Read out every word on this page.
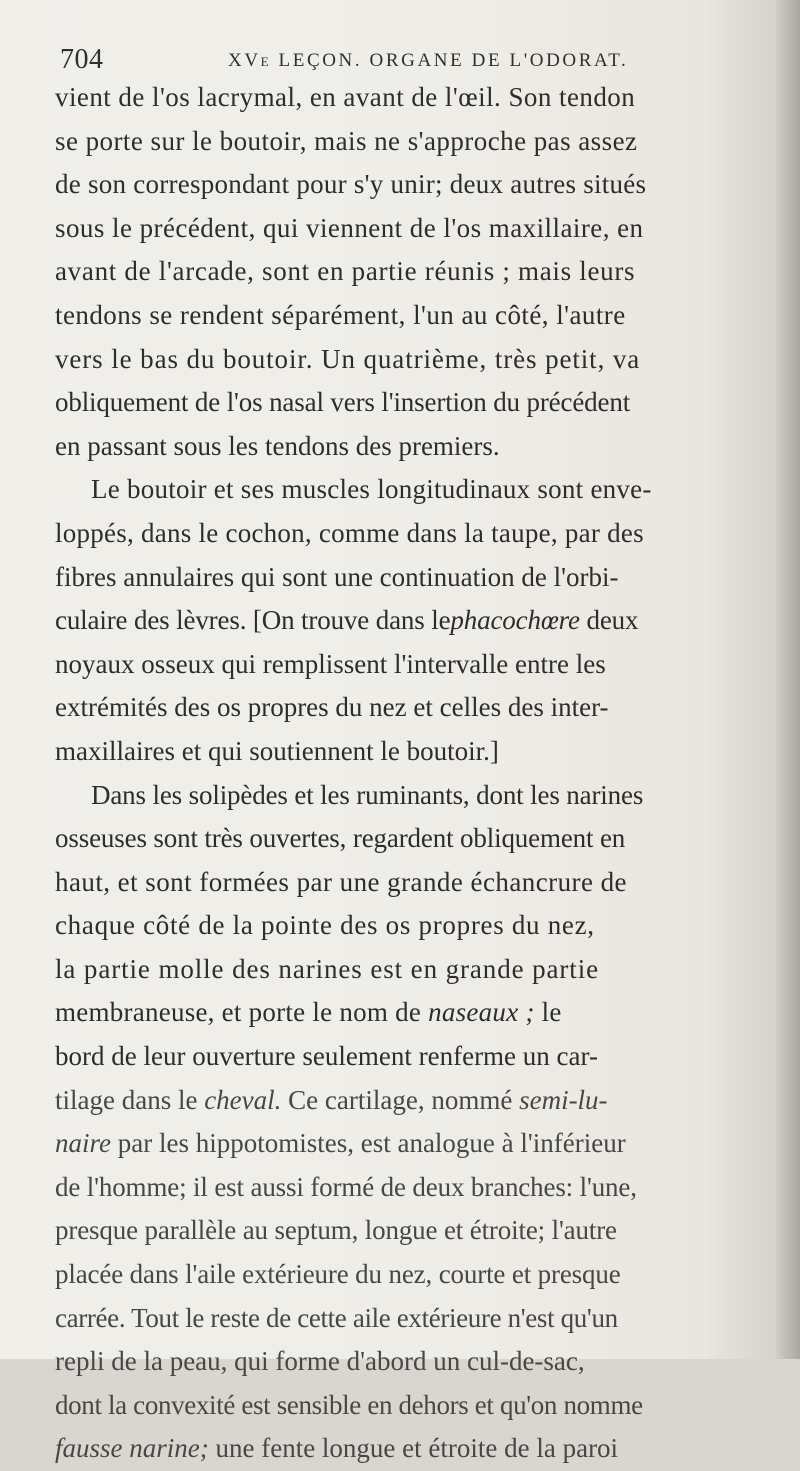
704	XVe LEÇON. ORGANE DE L'ODORAT.
vient de l'os lacrymal, en avant de l'œil. Son tendon
se porte sur le boutoir, mais ne s'approche pas assez
de son correspondant pour s'y unir; deux autres situés
sous le précédent, qui viennent de l'os maxillaire, en
avant de l'arcade, sont en partie réunis ; mais leurs
tendons se rendent séparément, l'un au côté, l'autre
vers le bas du boutoir. Un quatrième, très petit, va
obliquement de l'os nasal vers l'insertion du précédent
en passant sous les tendons des premiers.
Le boutoir et ses muscles longitudinaux sont enve-
loppés, dans le cochon, comme dans la taupe, par des
fibres annulaires qui sont une continuation de l'orbi-
culaire des lèvres. [On trouve dans lephacochœre deux
noyaux osseux qui remplissent l'intervalle entre les
extrémités des os propres du nez et celles des inter-
maxillaires et qui soutiennent le boutoir.]
Dans les solipèdes et les ruminants, dont les narines
osseuses sont très ouvertes, regardent obliquement en
haut, et sont formées par une grande échancrure de
chaque côté de la pointe des os propres du nez,
la partie molle des narines est en grande partie
membraneuse, et porte le nom de naseaux ; le
bord de leur ouverture seulement renferme un car-
tilage dans le cheval. Ce cartilage, nommé semi-lu-
naire par les hippotomistes, est analogue à l'inférieur
de l'homme; il est aussi formé de deux branches: l'une,
presque parallèle au septum, longue et étroite; l'autre
placée dans l'aile extérieure du nez, courte et presque
carrée. Tout le reste de cette aile extérieure n'est qu'un
repli de la peau, qui forme d'abord un cul-de-sac,
dont la convexité est sensible en dehors et qu'on nomme
fausse narine; une fente longue et étroite de la paroi
